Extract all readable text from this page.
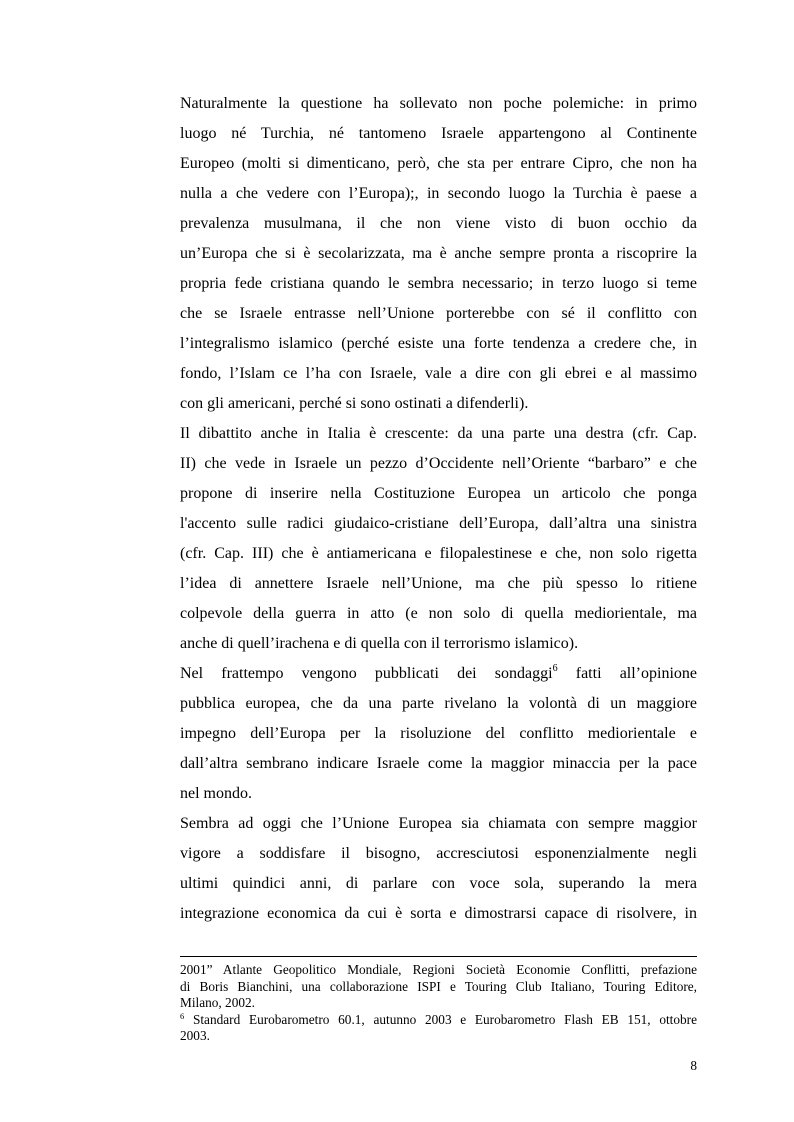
Naturalmente la questione ha sollevato non poche polemiche: in primo
luogo né Turchia, né tantomeno Israele appartengono al Continente
Europeo (molti si dimenticano, però, che sta per entrare Cipro, che non ha
nulla a che vedere con l’Europa);, in secondo luogo la Turchia è paese a
prevalenza musulmana, il che non viene visto di buon occhio da
un’Europa che si è secolarizzata, ma è anche sempre pronta a riscoprire la
propria fede cristiana quando le sembra necessario; in terzo luogo si teme
che se Israele entrasse nell’Unione porterebbe con sé il conflitto con
l’integralismo islamico (perché esiste una forte tendenza a credere che, in
fondo, l’Islam ce l’ha con Israele, vale a dire con gli ebrei e al massimo
con gli americani, perché si sono ostinati a difenderli).

Il dibattito anche in Italia è crescente: da una parte una destra (cfr. Cap.
II) che vede in Israele un pezzo d’Occidente nell’Oriente “barbaro” e che
propone di inserire nella Costituzione Europea un articolo che ponga
l'accento sulle radici giudaico-cristiane dell’Europa, dall’altra una sinistra
(cfr. Cap. III) che è antiamericana e filopalestinese e che, non solo rigetta
l’idea di annettere Israele nell’Unione, ma che più spesso lo ritiene
colpevole della guerra in atto (e non solo di quella mediorientale, ma
anche di quell’irachena e di quella con il terrorismo islamico).

Nel frattempo vengono pubblicati dei sondaggi$^6$ fatti all’opinione
pubblica europea, che da una parte rivelano la volontà di un maggiore
impegno dell’Europa per la risoluzione del conflitto mediorientale e
dall’altra sembrano indicare Israele come la maggior minaccia per la pace
nel mondo.

Sembra ad oggi che l’Unione Europea sia chiamata con sempre maggior
vigore a soddisfare il bisogno, accresciutosi esponenzialmente negli
ultimi quindici anni, di parlare con voce sola, superando la mera
integrazione economica da cui è sorta e dimostrarsi capace di risolvere, in

2001” Atlante Geopolitico Mondiale, Regioni Società Economie Conflitti, prefazione
di Boris Bianchini, una collaborazione ISPI e Touring Club Italiano, Touring Editore,
Milano, 2002.
$^6$ Standard Eurobarometro 60.1, autunno 2003 e Eurobarometro Flash EB 151, ottobre
2003.
8
